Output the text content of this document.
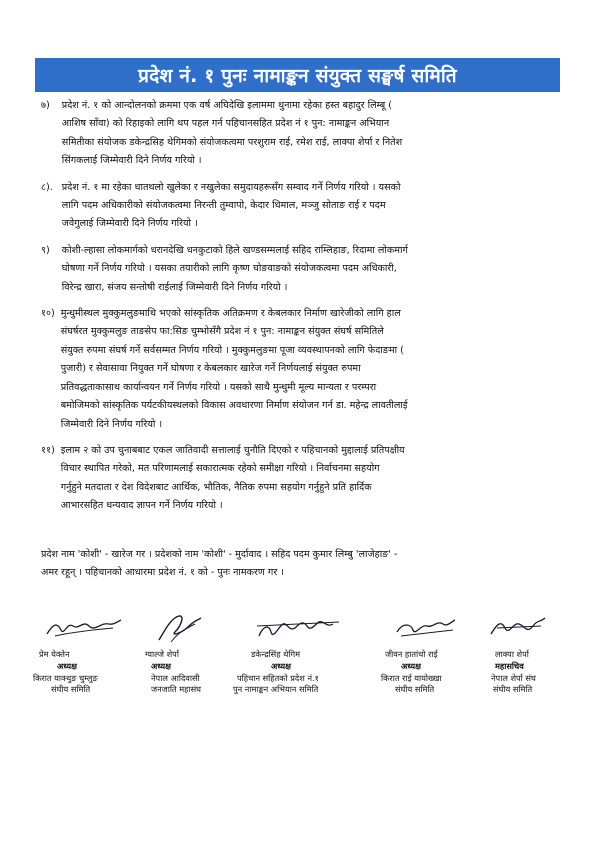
प्रदेश नं. १ पुनः नामाङ्कन संयुक्त सङ्घर्ष समिति
७) प्रदेश नं. १ को आन्दोलनको क्रममा एक वर्ष अघिदेखि इलाममा थुनामा रहेका हस्त बहादुर लिम्बू (

आशिष साँवा) को रिहाइको लागि थप पहल गर्न पहिचानसहित प्रदेश नं १ पुन: नामाङ्कन अभियान

समितीका संयोजक डकेन्द्रसिह थेगिमको संयोजकत्वमा परशुराम राई, रमेश राई, लाक्पा शेर्पा र नितेश

सिंगकलाई जिम्मेवारी दिने निर्णय गरियो ।

८). प्रदेश नं. १ मा रहेका धातथलो खुलेका र नखुलेका समुदायहरूसँग सम्वाद गर्ने निर्णय गरियो । यसको

लागि पदम अधिकारीको संयोजकत्वमा निरन्ती तुम्वापो, केदार धिमाल, मञ्जु सोताङ राई र पदम

जवेगुलाई जिम्मेवारी दिने निर्णय गरियो ।

९) कोशी-ल्हासा लोकमार्गको धरानदेखि धनकुटाको हिले खण्डसम्मलाई सहिद राम्लिहाङ, रिदामा लोकमार्ग

घोषणा गर्ने निर्णय गरियो । यसका तयारीको लागि कृष्ण चोङवाङको संयोजकत्वमा पदम अधिकारी,

विरेन्द्र खारा, संजय सन्तोषी राईलाई जिम्मेवारी दिने निर्णय गरियो ।

१०) मुन्धुमीस्थल मुक्कुमलुङमाथि भएको सांस्कृतिक अतिक्रमण र केबलकार निर्माण खारेजीको लागि हाल

संघर्षरत मुक्कुमलुङ ताङसेप फा:सिङ चुम्भोसँगै प्रदेश नं १ पुन: नामाङ्कन संयुक्त संघर्ष समितिले

संयुक्त रुपमा संघर्ष गर्ने सर्वसम्मत निर्णय गरियो । मुक्कुमलुङमा पूजा व्यवस्थापनको लागि फेदाङमा (

पुजारी) र सेवासावा नियुक्त गर्ने घोषणा र केबलकार खारेज गर्ने निर्णयलाई संयुक्त रुपमा

प्रतिवद्धताकासाथ कार्यान्वयन गर्ने निर्णय गरियो । यसको साथै मुन्धुमी मूल्य मान्यता र परम्परा

बमोजिमको सांस्कृतिक पर्यटकीयस्थलको विकास अवधारणा निर्माण संयोजन गर्न डा. महेन्द्र लावतीलाई

जिम्मेवारी दिने निर्णय गरियो ।

११) इलाम २ को उप चुनाबबाट एकल जातिवादी सत्तालाई चुनौति दिएको र पहिचानको मुद्दालाई प्रतिपक्षीय

विचार स्थापित गरेको, मत परिणामलाई सकारात्मक रहेको समीक्षा गरियो । निर्वाचनमा सहयोग

गर्नुहुने मतदाता र देश विदेशबाट आर्थिक, भौतिक, नैतिक रुपमा सहयोग गर्नुहुने प्रति हार्दिक

आभारसहित धन्यवाद ज्ञापन गर्ने निर्णय गरियो ।

प्रदेश नाम 'कोशी' - खारेज गर । प्रदेशको नाम 'कोशी' - मुर्दावाद । सहिद पदम कुमार लिम्बु 'लाजेहाङ' -

अमर रहून् । पहिचानको आधारमा प्रदेश नं. १ को - पुनः नामकरण गर ।

प्रेम येक्तेन
अध्यक्ष
किरात याक्थुङ चुम्लुङ
संघीय समिति
ग्याल्जे शेर्पा
अध्यक्ष
नेपाल आदिवासी
जनजाति महासंघ
डकेन्द्रसिंह थेगिम
अध्यक्ष
पहिचान सहितको प्रदेश नं.१
पुन नामाङ्कन अभियान समिति
जीवन हातांचो राई
अध्यक्ष
किरात राई यायोख्खा
संघीय समिति
लाक्पा शेर्पा
महासचिव
नेपाल शेर्पा संघ
संघीय समिति
